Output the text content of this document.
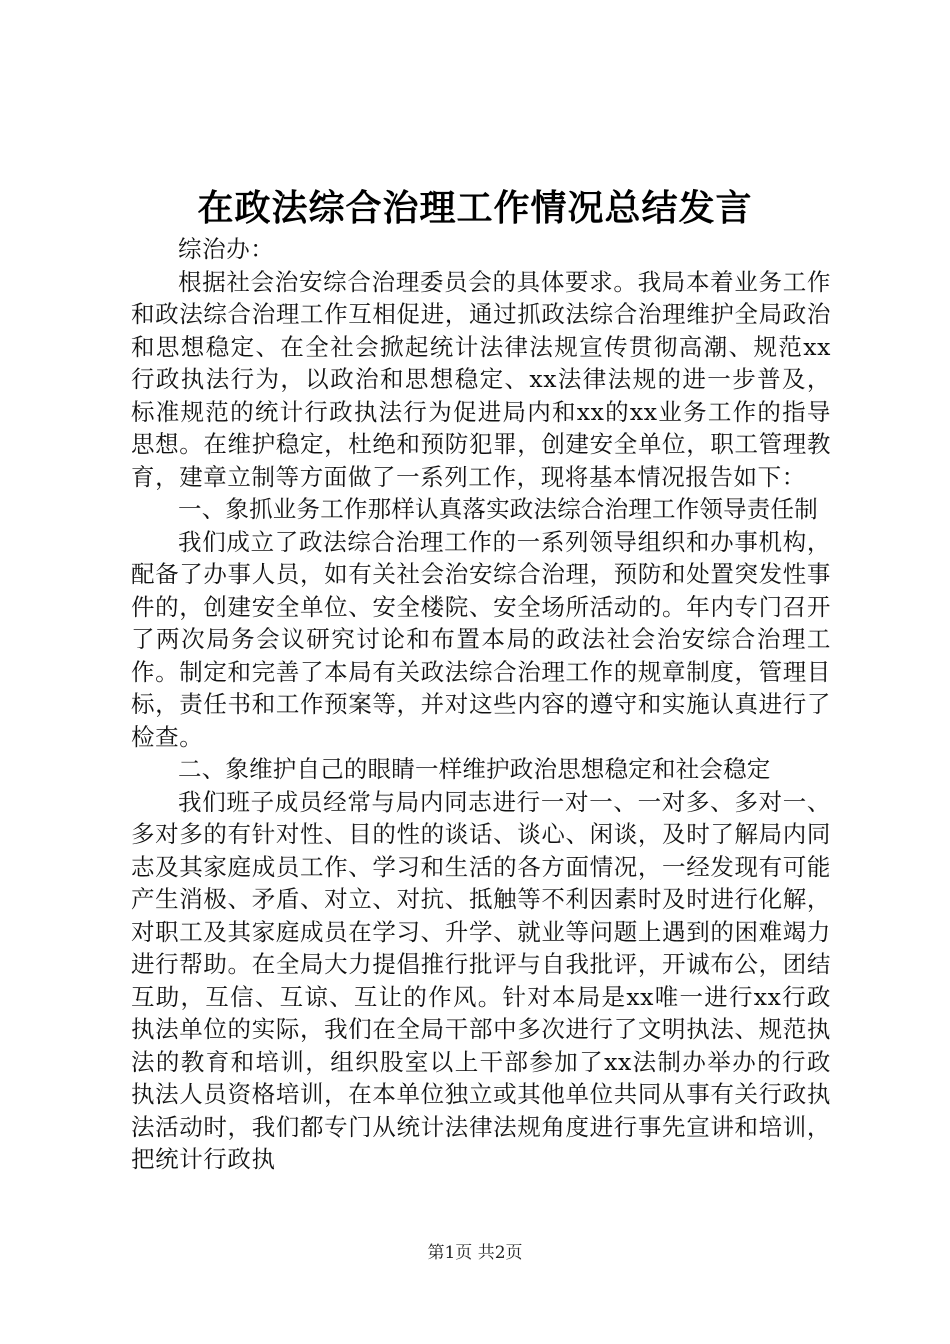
在政法综合治理工作情况总结发言

综治办：

根据社会治安综合治理委员会的具体要求。我局本着业务工作和政法综合治理工作互相促进，通过抓政法综合治理维护全局政治和思想稳定、在全社会掀起统计法律法规宣传贯彻高潮、规范xx行政执法行为，以政治和思想稳定、xx法律法规的进一步普及，标准规范的统计行政执法行为促进局内和xx的xx业务工作的指导思想。在维护稳定，杜绝和预防犯罪，创建安全单位，职工管理教育，建章立制等方面做了一系列工作，现将基本情况报告如下：

一、象抓业务工作那样认真落实政法综合治理工作领导责任制

我们成立了政法综合治理工作的一系列领导组织和办事机构，配备了办事人员，如有关社会治安综合治理，预防和处置突发性事件的，创建安全单位、安全楼院、安全场所活动的。年内专门召开了两次局务会议研究讨论和布置本局的政法社会治安综合治理工作。制定和完善了本局有关政法综合治理工作的规章制度，管理目标，责任书和工作预案等，并对这些内容的遵守和实施认真进行了检查。

二、象维护自己的眼睛一样维护政治思想稳定和社会稳定

我们班子成员经常与局内同志进行一对一、一对多、多对一、多对多的有针对性、目的性的谈话、谈心、闲谈，及时了解局内同志及其家庭成员工作、学习和生活的各方面情况，一经发现有可能产生消极、矛盾、对立、对抗、抵触等不利因素时及时进行化解，对职工及其家庭成员在学习、升学、就业等问题上遇到的困难竭力进行帮助。在全局大力提倡推行批评与自我批评，开诚布公，团结互助，互信、互谅、互让的作风。针对本局是xx唯一进行xx行政执法单位的实际，我们在全局干部中多次进行了文明执法、规范执法的教育和培训，组织股室以上干部参加了xx法制办举办的行政执法人员资格培训，在本单位独立或其他单位共同从事有关行政执法活动时，我们都专门从统计法律法规角度进行事先宣讲和培训，把统计行政执

第1页 共2页
